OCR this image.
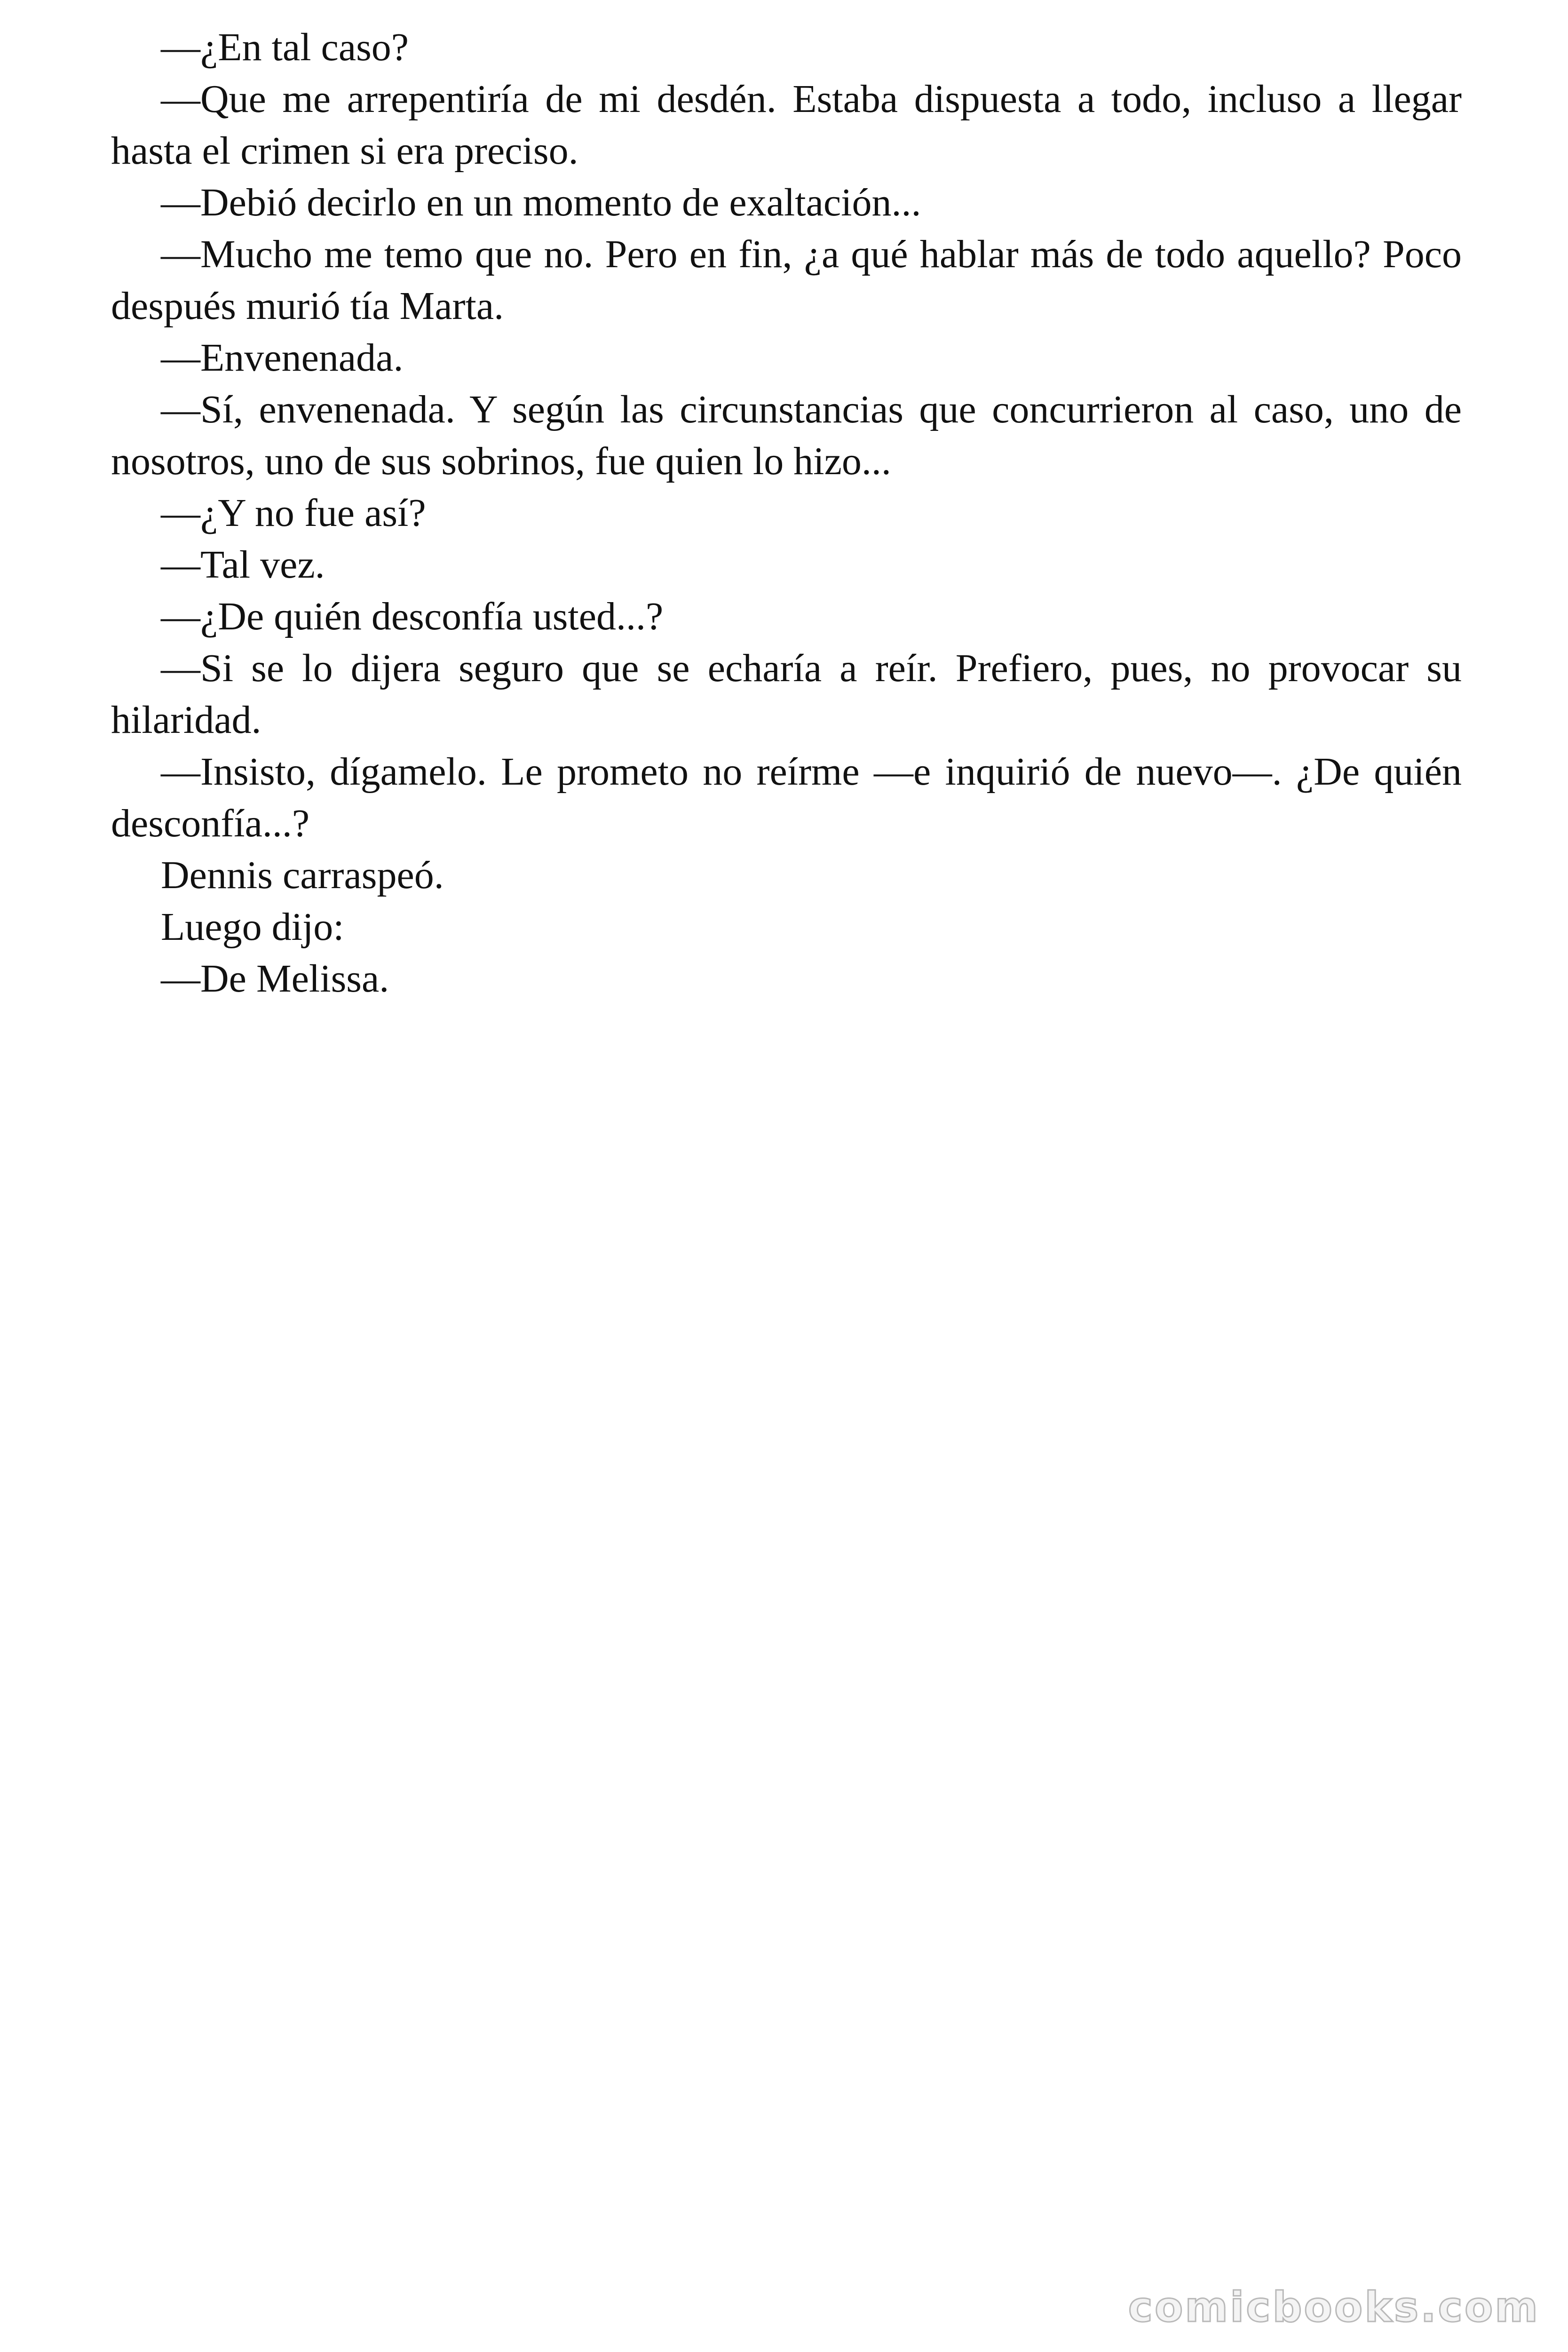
—¿En tal caso?

—Que me arrepentiría de mi desdén. Estaba dispuesta a todo, incluso a llegar hasta el crimen si era preciso.

—Debió decirlo en un momento de exaltación...

—Mucho me temo que no. Pero en fin, ¿a qué hablar más de todo aquello? Poco después murió tía Marta.

—Envenenada.

—Sí, envenenada. Y según las circunstancias que concurrieron al caso, uno de nosotros, uno de sus sobrinos, fue quien lo hizo...

—¿Y no fue así?

—Tal vez.

—¿De quién desconfía usted...?

—Si se lo dijera seguro que se echaría a reír. Prefiero, pues, no provocar su hilaridad.

—Insisto, dígamelo. Le prometo no reírme —e inquirió de nuevo—. ¿De quién desconfía...?

Dennis carraspeó.

Luego dijo:

—De Melissa.

comicbooks.com
